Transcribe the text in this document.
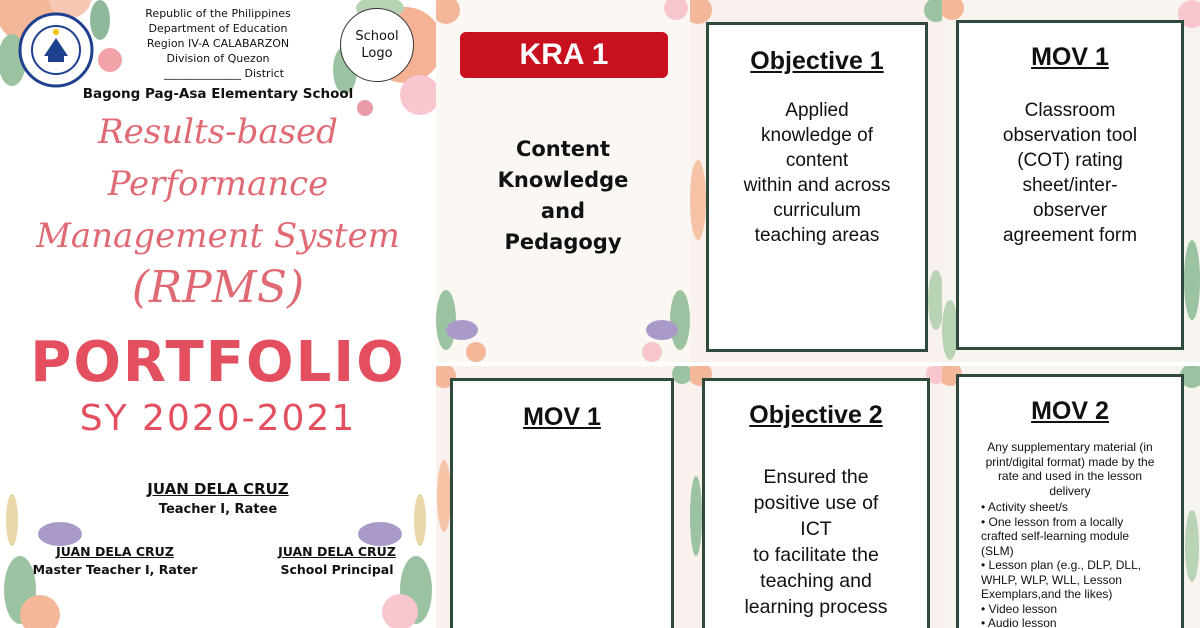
Republic of the Philippines
Department of Education
Region IV-A CALABARZON
Division of Quezon
______________ District
School
Logo
Bagong Pag-Asa Elementary School
Results-based
Performance
Management System
(RPMS)
PORTFOLIO
SY 2020-2021
JUAN DELA CRUZ
Teacher I, Ratee
JUAN DELA CRUZ
Master Teacher I, Rater
JUAN DELA CRUZ
School Principal
KRA 1
Content
Knowledge
and
Pedagogy
Objective 1
Applied
knowledge of
content
within and across
curriculum
teaching areas
MOV 1
Classroom
observation tool
(COT) rating
sheet/inter-
observer
agreement form
MOV 1	Objective 2
Ensured the
positive use of
ICT
to facilitate the
teaching and
learning process
MOV 2
Any supplementary material (in
print/digital format) made by the
rate and used in the lesson
delivery
• Activity sheet/s
• One lesson from a locally
crafted self-learning module
(SLM)
• Lesson plan (e.g., DLP, DLL,
WHLP, WLP, WLL, Lesson
Exemplars,and the likes)
• Video lesson
• Audio lesson
